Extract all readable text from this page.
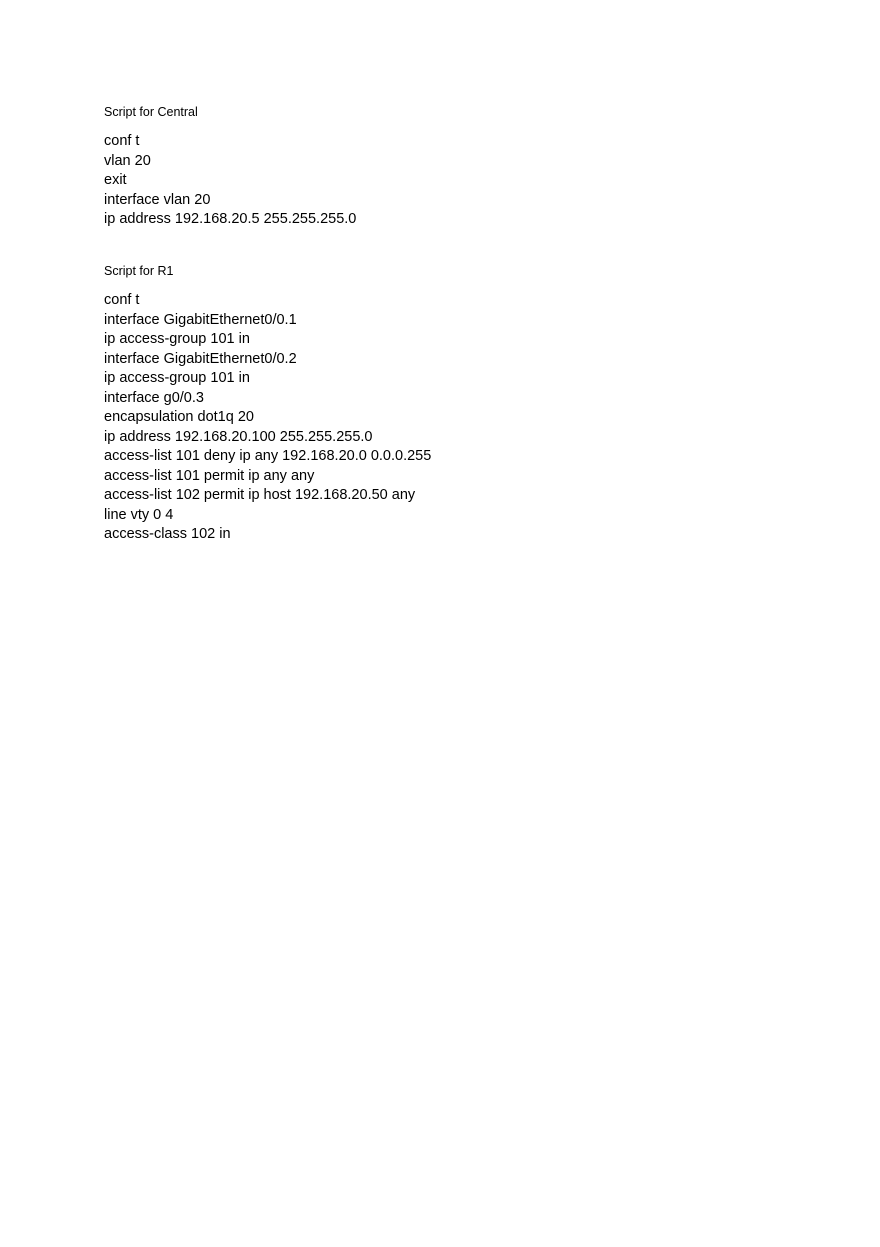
Script for Central
conf t
vlan 20
exit
interface vlan 20
ip address 192.168.20.5 255.255.255.0
Script for R1
conf t
interface GigabitEthernet0/0.1
ip access-group 101 in
interface GigabitEthernet0/0.2
ip access-group 101 in
interface g0/0.3
encapsulation dot1q 20
ip address 192.168.20.100 255.255.255.0
access-list 101 deny ip any 192.168.20.0 0.0.0.255
access-list 101 permit ip any any
access-list 102 permit ip host 192.168.20.50 any
line vty 0 4
access-class 102 in
